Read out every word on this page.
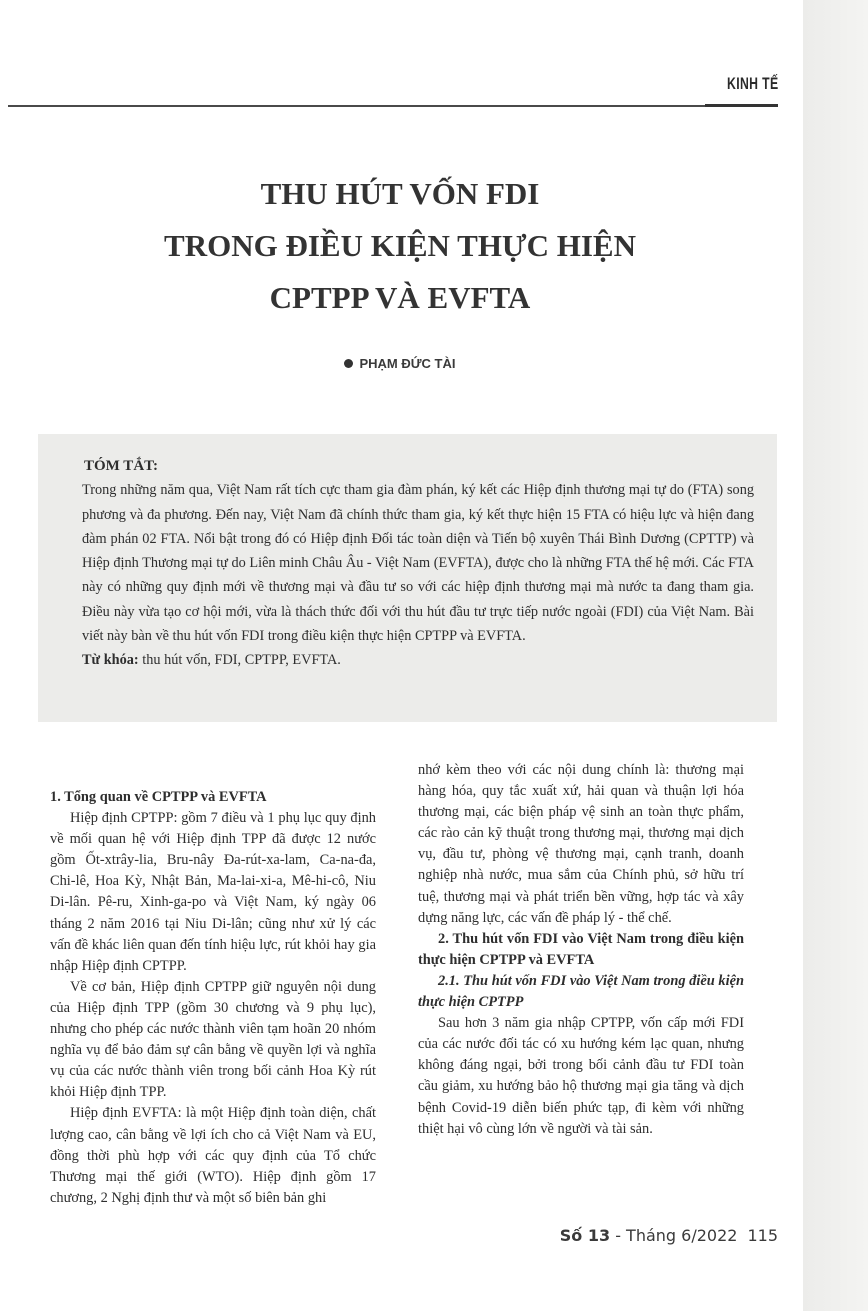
KINH TẾ
THU HÚT VỐN FDI
TRONG ĐIỀU KIỆN THỰC HIỆN
CPTPP VÀ EVFTA
PHẠM ĐỨC TÀI
TÓM TẮT:

Trong những năm qua, Việt Nam rất tích cực tham gia đàm phán, ký kết các Hiệp định thương mại tự do (FTA) song phương và đa phương. Đến nay, Việt Nam đã chính thức tham gia, ký kết thực hiện 15 FTA có hiệu lực và hiện đang đàm phán 02 FTA. Nổi bật trong đó có Hiệp định Đối tác toàn diện và Tiến bộ xuyên Thái Bình Dương (CPTTP) và Hiệp định Thương mại tự do Liên minh Châu Âu - Việt Nam (EVFTA), được cho là những FTA thế hệ mới. Các FTA này có những quy định mới về thương mại và đầu tư so với các hiệp định thương mại mà nước ta đang tham gia. Điều này vừa tạo cơ hội mới, vừa là thách thức đối với thu hút đầu tư trực tiếp nước ngoài (FDI) của Việt Nam. Bài viết này bàn về thu hút vốn FDI trong điều kiện thực hiện CPTPP và EVFTA.

Từ khóa: thu hút vốn, FDI, CPTPP, EVFTA.

1. Tổng quan về CPTPP và EVFTA

Hiệp định CPTPP: gồm 7 điều và 1 phụ lục quy định về mối quan hệ với Hiệp định TPP đã được 12 nước gồm Ốt-xtrây-lia, Bru-nây Đa-rút-xa-lam, Ca-na-đa, Chi-lê, Hoa Kỳ, Nhật Bản, Ma-lai-xi-a, Mê-hi-cô, Niu Di-lân. Pê-ru, Xinh-ga-po và Việt Nam, ký ngày 06 tháng 2 năm 2016 tại Niu Di-lân; cũng như xử lý các vấn đề khác liên quan đến tính hiệu lực, rút khỏi hay gia nhập Hiệp định CPTPP.

Về cơ bản, Hiệp định CPTPP giữ nguyên nội dung của Hiệp định TPP (gồm 30 chương và 9 phụ lục), nhưng cho phép các nước thành viên tạm hoãn 20 nhóm nghĩa vụ để bảo đảm sự cân bằng về quyền lợi và nghĩa vụ của các nước thành viên trong bối cảnh Hoa Kỳ rút khỏi Hiệp định TPP.

Hiệp định EVFTA: là một Hiệp định toàn diện, chất lượng cao, cân bằng về lợi ích cho cả Việt Nam và EU, đồng thời phù hợp với các quy định của Tổ chức Thương mại thế giới (WTO). Hiệp định gồm 17 chương, 2 Nghị định thư và một số biên bản ghi

nhớ kèm theo với các nội dung chính là: thương mại hàng hóa, quy tắc xuất xứ, hải quan và thuận lợi hóa thương mại, các biện pháp vệ sinh an toàn thực phẩm, các rào cản kỹ thuật trong thương mại, thương mại dịch vụ, đầu tư, phòng vệ thương mại, cạnh tranh, doanh nghiệp nhà nước, mua sắm của Chính phủ, sở hữu trí tuệ, thương mại và phát triển bền vững, hợp tác và xây dựng năng lực, các vấn đề pháp lý - thể chế.

2. Thu hút vốn FDI vào Việt Nam trong điều kiện thực hiện CPTPP và EVFTA

2.1. Thu hút vốn FDI vào Việt Nam trong điều kiện thực hiện CPTPP

Sau hơn 3 năm gia nhập CPTPP, vốn cấp mới FDI của các nước đối tác có xu hướng kém lạc quan, nhưng không đáng ngại, bởi trong bối cảnh đầu tư FDI toàn cầu giảm, xu hướng bảo hộ thương mại gia tăng và dịch bệnh Covid-19 diễn biến phức tạp, đi kèm với những thiệt hại vô cùng lớn về người và tài sản.

Số 13 - Tháng 6/2022 115
